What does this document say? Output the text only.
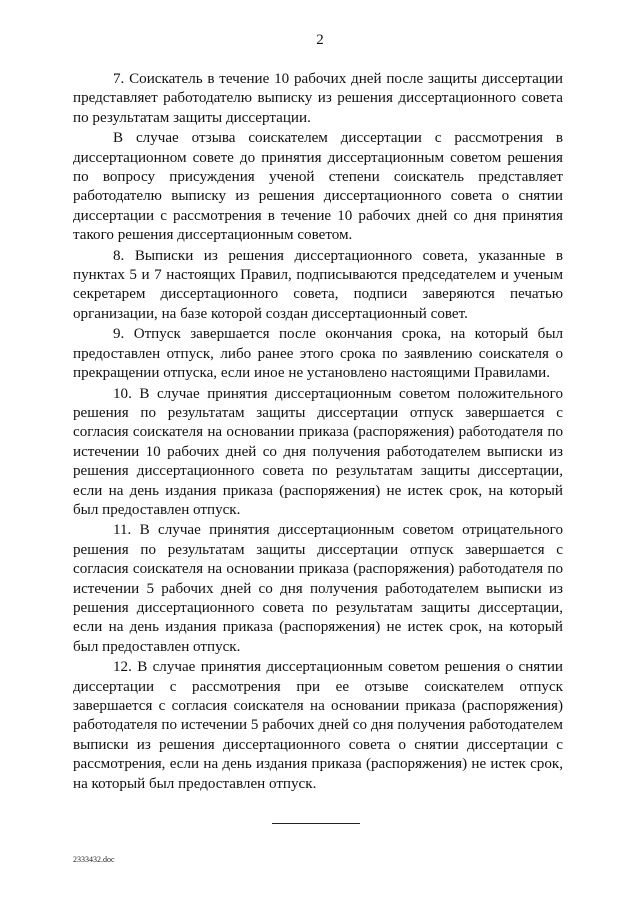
2

7. Соискатель в течение 10 рабочих дней после защиты диссертации представляет работодателю выписку из решения диссертационного совета по результатам защиты диссертации.

В случае отзыва соискателем диссертации с рассмотрения в диссертационном совете до принятия диссертационным советом решения по вопросу присуждения ученой степени соискатель представляет работодателю выписку из решения диссертационного совета о снятии диссертации с рассмотрения в течение 10 рабочих дней со дня принятия такого решения диссертационным советом.

8. Выписки из решения диссертационного совета, указанные в пунктах 5 и 7 настоящих Правил, подписываются председателем и ученым секретарем диссертационного совета, подписи заверяются печатью организации, на базе которой создан диссертационный совет.

9. Отпуск завершается после окончания срока, на который был предоставлен отпуск, либо ранее этого срока по заявлению соискателя о прекращении отпуска, если иное не установлено настоящими Правилами.

10. В случае принятия диссертационным советом положительного решения по результатам защиты диссертации отпуск завершается с согласия соискателя на основании приказа (распоряжения) работодателя по истечении 10 рабочих дней со дня получения работодателем выписки из решения диссертационного совета по результатам защиты диссертации, если на день издания приказа (распоряжения) не истек срок, на который был предоставлен отпуск.

11. В случае принятия диссертационным советом отрицательного решения по результатам защиты диссертации отпуск завершается с согласия соискателя на основании приказа (распоряжения) работодателя по истечении 5 рабочих дней со дня получения работодателем выписки из решения диссертационного совета по результатам защиты диссертации, если на день издания приказа (распоряжения) не истек срок, на который был предоставлен отпуск.

12. В случае принятия диссертационным советом решения о снятии диссертации с рассмотрения при ее отзыве соискателем отпуск завершается с согласия соискателя на основании приказа (распоряжения) работодателя по истечении 5 рабочих дней со дня получения работодателем выписки из решения диссертационного совета о снятии диссертации с рассмотрения, если на день издания приказа (распоряжения) не истек срок, на который был предоставлен отпуск.

2333432.doc
